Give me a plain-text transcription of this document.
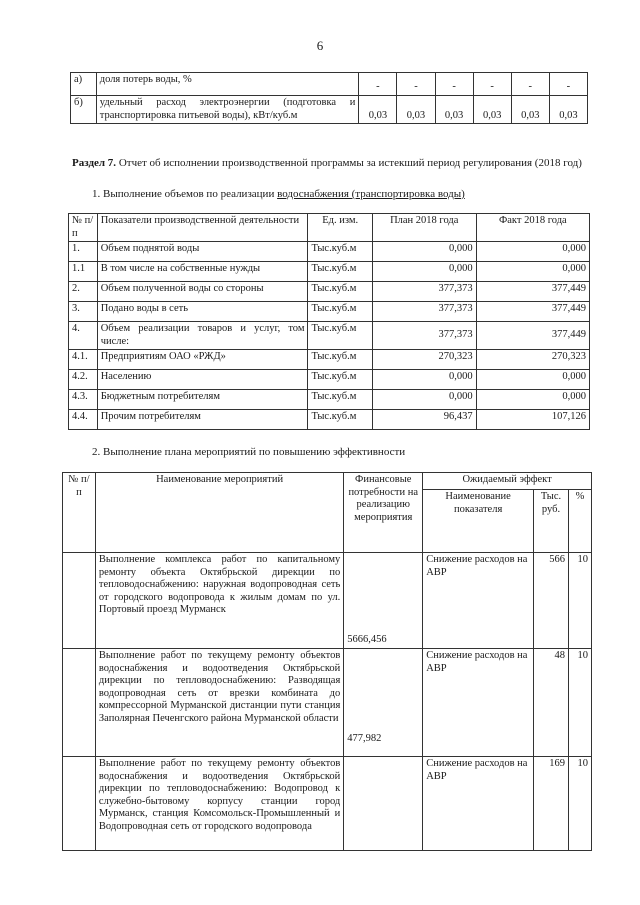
6
а)	доля потерь воды, %	-	-	-	-	-	-
б)	удельный расход электроэнергии (подготовка и транспортировка питьевой воды), кВт/куб.м	0,03	0,03	0,03	0,03	0,03	0,03
Раздел 7. Отчет об исполнении производственной программы за истекший период регулирования (2018 год)
1. Выполнение объемов по реализации водоснабжения (транспортировка воды)
№ п/п	Показатели производственной деятельности	Ед. изм.	План 2018 года	Факт 2018 года
1.	Объем поднятой воды	Тыс.куб.м	0,000	0,000
1.1	В том числе на собственные нужды	Тыс.куб.м	0,000	0,000
2.	Объем полученной воды со стороны	Тыс.куб.м	377,373	377,449
3.	Подано воды в сеть	Тыс.куб.м	377,373	377,449
4.	Объем реализации товаров и услуг, том числе:	Тыс.куб.м	377,373	377,449
4.1.	Предприятиям ОАО «РЖД»	Тыс.куб.м	270,323	270,323
4.2.	Населению	Тыс.куб.м	0,000	0,000
4.3.	Бюджетным потребителям	Тыс.куб.м	0,000	0,000
4.4.	Прочим потребителям	Тыс.куб.м	96,437	107,126
2. Выполнение плана мероприятий по повышению эффективности
№ п/п	Наименование мероприятий	Финансовые потребности на реализацию мероприятия	Ожидаемый эффект		
			Наименование показателя	Тыс. руб.	%
	Выполнение комплекса работ по капитальному ремонту объекта Октябрьской дирекции по тепловодоснабжению: наружная водопроводная сеть от городского водопровода к жилым домам по ул. Портовый проезд Мурманск	5666,456	Снижение расходов на АВР	566	10
	Выполнение работ по текущему ремонту объектов водоснабжения и водоотведения Октябрьской дирекции по тепловодоснабжению: Разводящая водопроводная сеть от врезки комбината до компрессорной Мурманской дистанции пути станция Заполярная Печенгского района Мурманской области	477,982	Снижение расходов на АВР	48	10
	Выполнение работ по текущему ремонту объектов водоснабжения и водоотведения Октябрьской дирекции по тепловодоснабжению: Водопровод к служебно-бытовому корпусу станции город Мурманск, станция Комсомольск-Промышленный и Водопроводная сеть от городского водопровода		Снижение расходов на АВР	169	10
